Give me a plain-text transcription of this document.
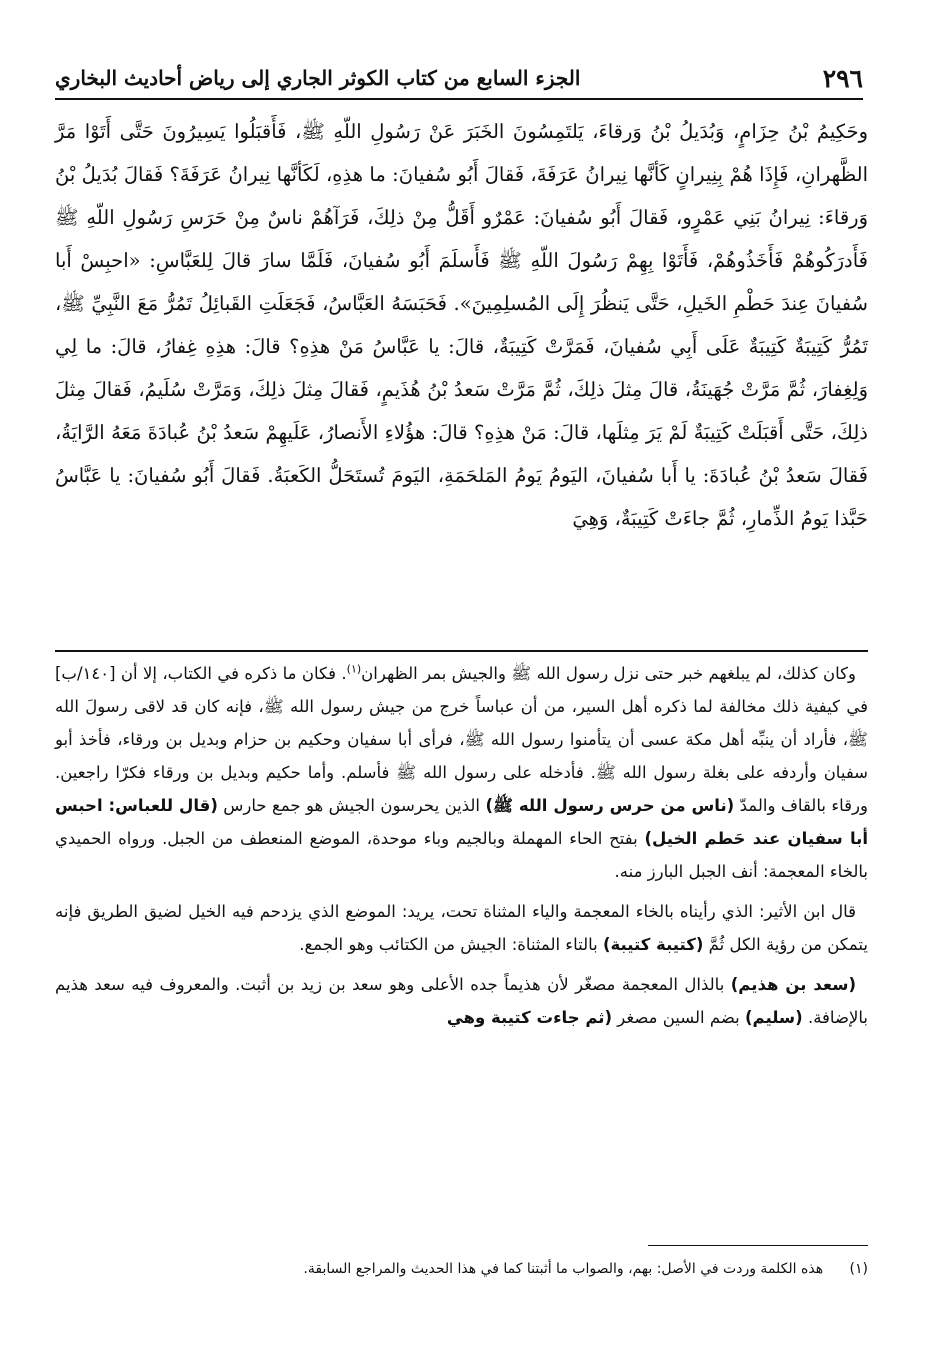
٢٩٦
الجزء السابع من كتاب الكوثر الجاري إلى رياض أحاديث البخاري

وحَكِيمُ بْنُ حِزَامٍ، وَبُدَيلُ بْنُ وَرقاءَ، يَلتَمِسُونَ الخَبَرَ عَنْ رَسُولِ اللّهِ ﷺ، فَأَقبَلُوا يَسِيرُونَ حَتَّى أَتَوْا مَرَّ الظَّهرانِ، فَإِذَا هُمْ بِنِيرانٍ كَأنَّها نِيرانُ عَرَفَةَ، فَقالَ أَبُو سُفيانَ: ما هذِهِ، لَكَأنَّها نِيرانُ عَرَفَةَ؟ فَقالَ بُدَيلُ بْنُ وَرقاءَ: نِيرانُ بَنِي عَمْرٍو، فَقالَ أَبُو سُفيانَ: عَمْرٌو أَقَلُّ مِنْ ذلِكَ، فَرَآهُمْ ناسٌ مِنْ حَرَسِ رَسُولِ اللّهِ ﷺ فَأَدرَكُوهُمْ فَأَخَذُوهُمْ، فَأَتَوْا بِهِمْ رَسُولَ اللّهِ ﷺ فَأَسلَمَ أَبُو سُفيانَ، فَلَمَّا سارَ قالَ لِلعَبَّاسِ: «احبِسْ أَبا سُفيانَ عِندَ حَطْمِ الخَيلِ، حَتَّى يَنظُرَ إِلَى المُسلِمِينَ». فَحَبَسَهُ العَبَّاسُ، فَجَعَلَتِ القَبائِلُ تَمُرُّ مَعَ النَّبِيِّ ﷺ، تَمُرُّ كَتِيبَةٌ كَتِيبَةٌ عَلَى أَبِي سُفيانَ، فَمَرَّتْ كَتِيبَةٌ، قالَ: يا عَبَّاسُ مَنْ هذِهِ؟ قالَ: هذِهِ غِفارُ، قالَ: ما لِي وَلِغِفارَ، ثُمَّ مَرَّتْ جُهَينَةُ، قالَ مِثلَ ذلِكَ، ثُمَّ مَرَّتْ سَعدُ بْنُ هُذَيمٍ، فَقالَ مِثلَ ذلِكَ، وَمَرَّتْ سُلَيمُ، فَقالَ مِثلَ ذلِكَ، حَتَّى أَقبَلَتْ كَتِيبَةٌ لَمْ يَرَ مِثلَها، قالَ: مَنْ هذِهِ؟ قالَ: هؤُلاءِ الأَنصارُ، عَلَيهِمْ سَعدُ بْنُ عُبادَةَ مَعَهُ الرَّايَةُ، فَقالَ سَعدُ بْنُ عُبادَةَ: يا أَبا سُفيانَ، اليَومُ يَومُ المَلحَمَةِ، اليَومَ تُستَحَلُّ الكَعبَةُ. فَقالَ أَبُو سُفيانَ: يا عَبَّاسُ حَبَّذا يَومُ الذِّمارِ، ثُمَّ جاءَتْ كَتِيبَةٌ، وَهِيَ

وكان كذلك، لم يبلغهم خبر حتى نزل رسول الله ﷺ والجيش بمر الظهران$^{(١)}$. فكان ما ذكره في الكتاب، إلا أن [١٤٠/ب] في كيفية ذلك مخالفة لما ذكره أهل السير، من أن عباساً خرج من جيش رسول الله ﷺ، فإنه كان قد لاقى رسولَ الله ﷺ، فأراد أن ينبِّه أهل مكة عسى أن يتأمنوا رسول الله ﷺ، فرأى أبا سفيان وحكيم بن حزام وبديل بن ورقاء، فأخذ أبو سفيان وأردفه على بغلة رسول الله ﷺ. فأدخله على رسول الله ﷺ فأسلم. وأما حكيم وبديل بن ورقاء فكرّا راجعين. ورقاء بالقاف والمدّ (ناس من حرس رسول الله ﷺ) الذين يحرسون الجيش هو جمع حارس (قال للعباس: احبس أبا سفيان عند حَطم الخيل) بفتح الحاء المهملة وبالجيم وباء موحدة، الموضع المنعطف من الجبل. ورواه الحميدي بالخاء المعجمة: أنف الجبل البارز منه.

قال ابن الأثير: الذي رأيناه بالخاء المعجمة والياء المثناة تحت، يريد: الموضع الذي يزدحم فيه الخيل لضيق الطريق فإنه يتمكن من رؤية الكل ثُمَّ (كتيبة كتيبة) بالتاء المثناة: الجيش من الكتائب وهو الجمع.

(سعد بن هذيم) بالذال المعجمة مصغّر لأن هذيماً جده الأعلى وهو سعد بن زيد بن أثبت. والمعروف فيه سعد هذيم بالإضافة. (سليم) بضم السين مصغر (ثم جاءت كتيبة وهي

(١) هذه الكلمة وردت في الأصل: بهم، والصواب ما أثبتنا كما في هذا الحديث والمراجع السابقة.
